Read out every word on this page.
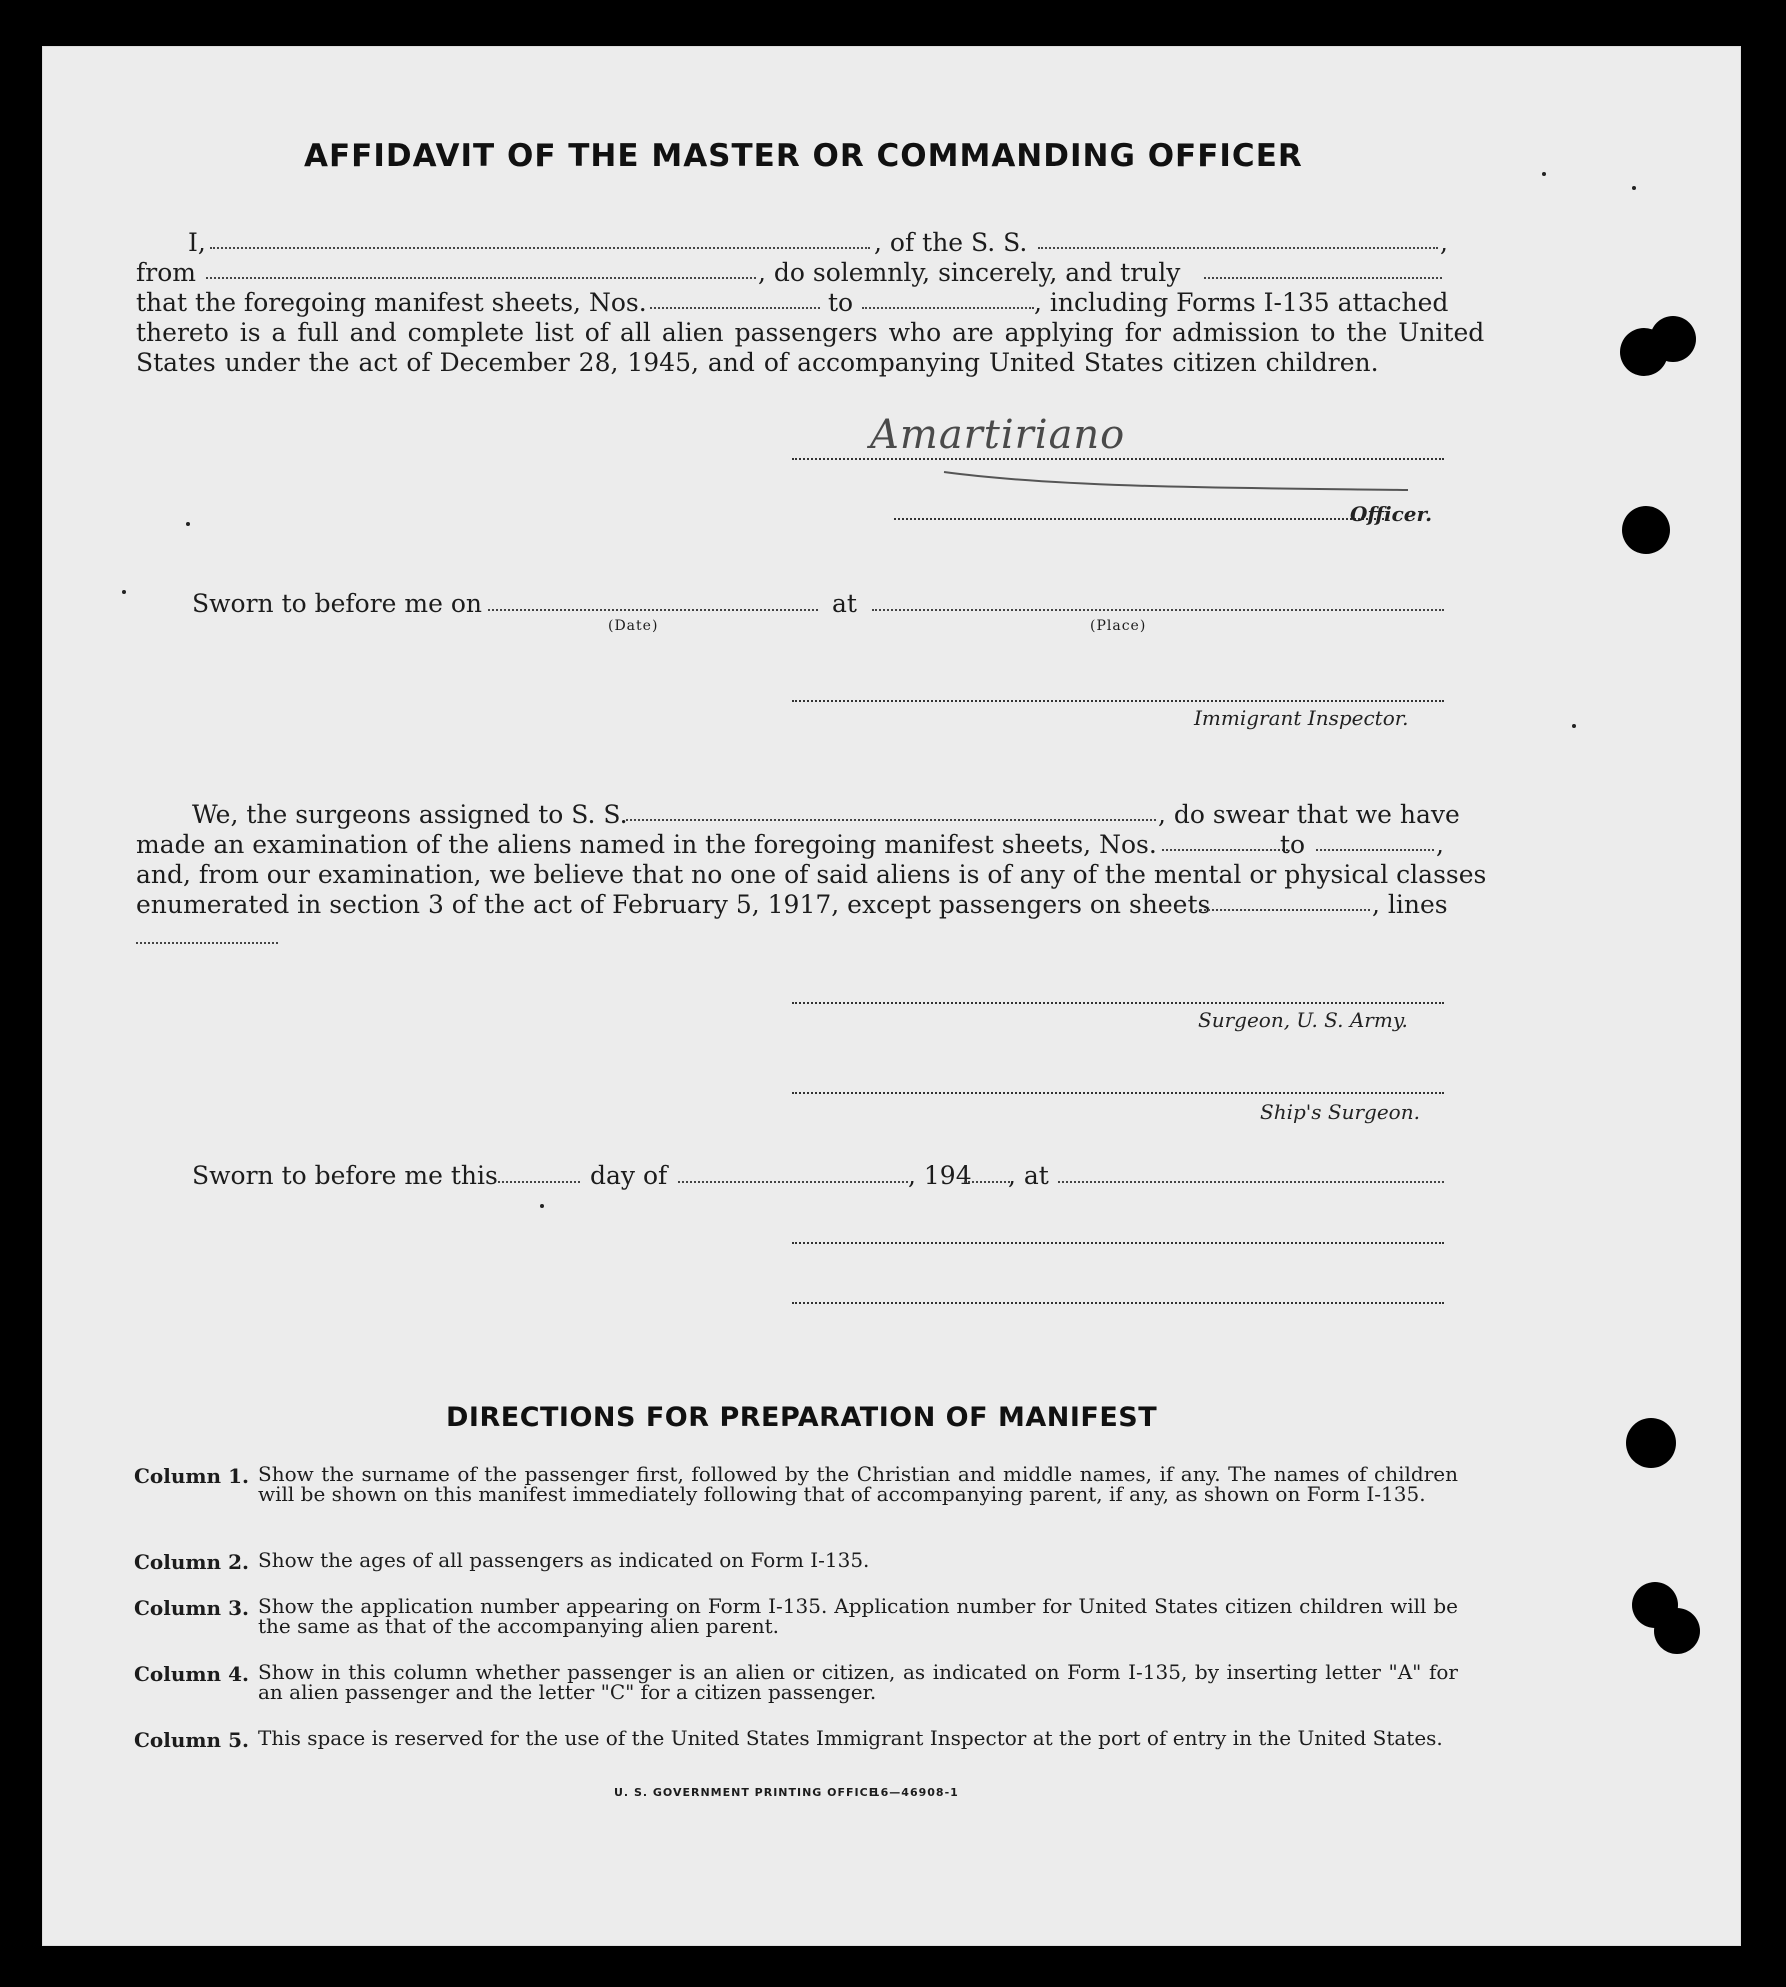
AFFIDAVIT OF THE MASTER OR COMMANDING OFFICER
I,	, of the S. S.	,
from	, do solemnly, sincerely, and truly
that the foregoing manifest sheets, Nos.	to	, including Forms I-135 attached
thereto is a full and complete list of all alien passengers who are applying for admission to the United
States under the act of December 28, 1945, and of accompanying United States citizen children.
Amartiriano
Officer.
Sworn to before me on
(Date)
at
(Place)
Immigrant Inspector.
We, the surgeons assigned to S. S.	, do swear that we have
made an examination of the aliens named in the foregoing manifest sheets, Nos.	to	,
and, from our examination, we believe that no one of said aliens is of any of the mental or physical classes
enumerated in section 3 of the act of February 5, 1917, except passengers on sheets	, lines
Surgeon, U. S. Army.
Ship's Surgeon.
Sworn to before me this	day of	, 194 , at
DIRECTIONS FOR PREPARATION OF MANIFEST
Column 1. Show the surname of the passenger first, followed by the Christian and middle names, if any. The names of children will be shown on this manifest immediately following that of accompanying parent, if any, as shown on Form I-135.
Column 2. Show the ages of all passengers as indicated on Form I-135.
Column 3. Show the application number appearing on Form I-135. Application number for United States citizen children will be the same as that of the accompanying alien parent.
Column 4. Show in this column whether passenger is an alien or citizen, as indicated on Form I-135, by inserting letter "A" for an alien passenger and the letter "C" for a citizen passenger.
Column 5. This space is reserved for the use of the United States Immigrant Inspector at the port of entry in the United States.
U. S. GOVERNMENT PRINTING OFFICE
16—46908-1
